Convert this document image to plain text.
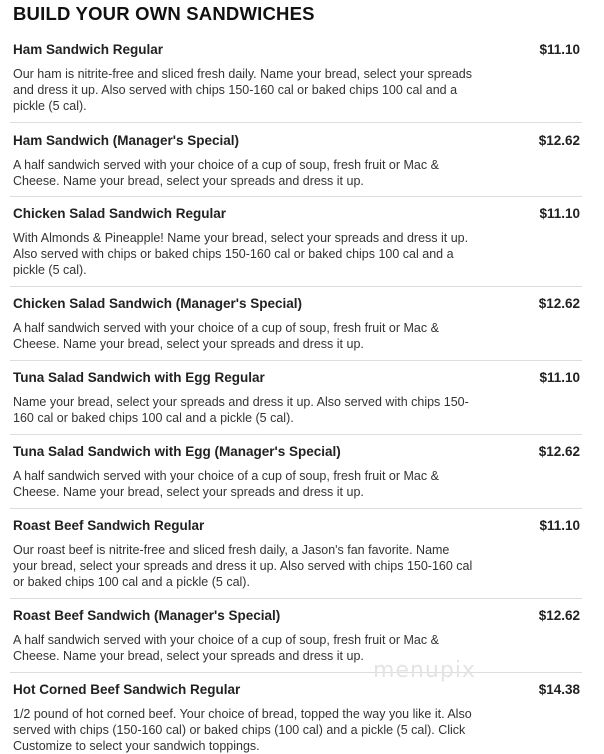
BUILD YOUR OWN SANDWICHES
Ham Sandwich Regular	$11.10

Our ham is nitrite-free and sliced fresh daily. Name your bread, select your spreads and dress it up. Also served with chips 150-160 cal or baked chips 100 cal and a pickle (5 cal).

Ham Sandwich (Manager's Special)	$12.62

A half sandwich served with your choice of a cup of soup, fresh fruit or Mac & Cheese. Name your bread, select your spreads and dress it up.

Chicken Salad Sandwich Regular	$11.10

With Almonds & Pineapple! Name your bread, select your spreads and dress it up. Also served with chips or baked chips 150-160 cal or baked chips 100 cal and a pickle (5 cal).

Chicken Salad Sandwich (Manager's Special)	$12.62

A half sandwich served with your choice of a cup of soup, fresh fruit or Mac & Cheese. Name your bread, select your spreads and dress it up.

Tuna Salad Sandwich with Egg Regular	$11.10

Name your bread, select your spreads and dress it up. Also served with chips 150-160 cal or baked chips 100 cal and a pickle (5 cal).

Tuna Salad Sandwich with Egg (Manager's Special)	$12.62

A half sandwich served with your choice of a cup of soup, fresh fruit or Mac & Cheese. Name your bread, select your spreads and dress it up.

Roast Beef Sandwich Regular	$11.10

Our roast beef is nitrite-free and sliced fresh daily, a Jason's fan favorite. Name your bread, select your spreads and dress it up. Also served with chips 150-160 cal or baked chips 100 cal and a pickle (5 cal).

Roast Beef Sandwich (Manager's Special)	$12.62

A half sandwich served with your choice of a cup of soup, fresh fruit or Mac & Cheese. Name your bread, select your spreads and dress it up.

Hot Corned Beef Sandwich Regular	$14.38

1/2 pound of hot corned beef. Your choice of bread, topped the way you like it. Also served with chips (150-160 cal) or baked chips (100 cal) and a pickle (5 cal). Click Customize to select your sandwich toppings.

menupix
